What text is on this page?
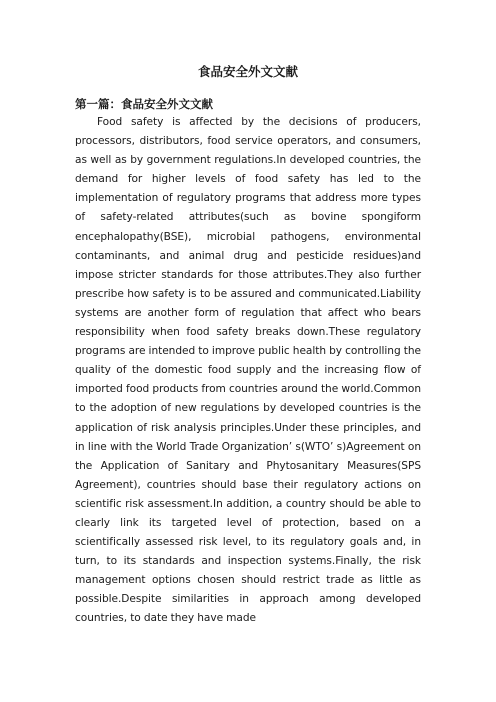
食品安全外文文献
第一篇：食品安全外文文献

Food safety is affected by the decisions of producers, processors, distributors, food service operators, and consumers, as well as by government regulations.In developed countries, the demand for higher levels of food safety has led to the implementation of regulatory programs that address more types of safety-related attributes(such as bovine spongiform encephalopathy(BSE), microbial pathogens, environmental contaminants, and animal drug and pesticide residues)and impose stricter standards for those attributes.They also further prescribe how safety is to be assured and communicated.Liability systems are another form of regulation that affect who bears responsibility when food safety breaks down.These regulatory programs are intended to improve public health by controlling the quality of the domestic food supply and the increasing flow of imported food products from countries around the world.Common to the adoption of new regulations by developed countries is the application of risk analysis principles.Under these principles, and in line with the World Trade Organization’ s(WTO’ s)Agreement on the Application of Sanitary and Phytosanitary Measures(SPS Agreement), countries should base their regulatory actions on scientific risk assessment.In addition, a country should be able to clearly link its targeted level of protection, based on a scientifically assessed risk level, to its regulatory goals and, in turn, to its standards and inspection systems.Finally, the risk management options chosen should restrict trade as little as possible.Despite similarities in approach among developed countries, to date they have made
